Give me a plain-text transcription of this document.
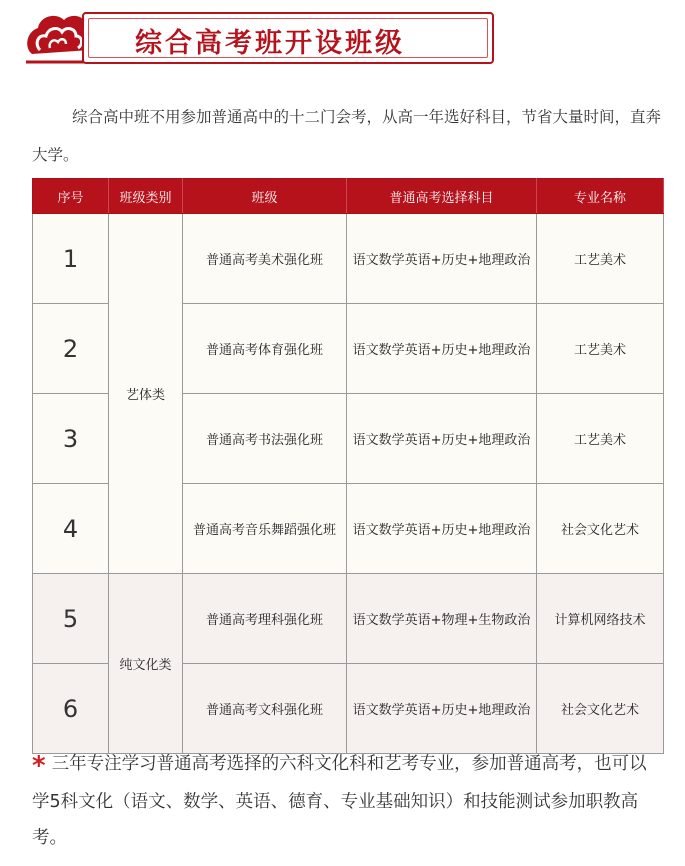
综合高考班开设班级
综合高中班不用参加普通高中的十二门会考，从高一年选好科目，节省大量时间，直奔大学。
序号	班级类别	班级	普通高考选择科目	专业名称
1	艺体类	普通高考美术强化班	语文数学英语+历史+地理政治	工艺美术
2		普通高考体育强化班	语文数学英语+历史+地理政治	工艺美术
3		普通高考书法强化班	语文数学英语+历史+地理政治	工艺美术
4		普通高考音乐舞蹈强化班	语文数学英语+历史+地理政治	社会文化艺术
5	纯文化类	普通高考理科强化班	语文数学英语+物理+生物政治	计算机网络技术
6		普通高考文科强化班	语文数学英语+历史+地理政治	社会文化艺术
* 三年专注学习普通高考选择的六科文化科和艺考专业，参加普通高考，也可以学5科文化（语文、数学、英语、德育、专业基础知识）和技能测试参加职教高考。
